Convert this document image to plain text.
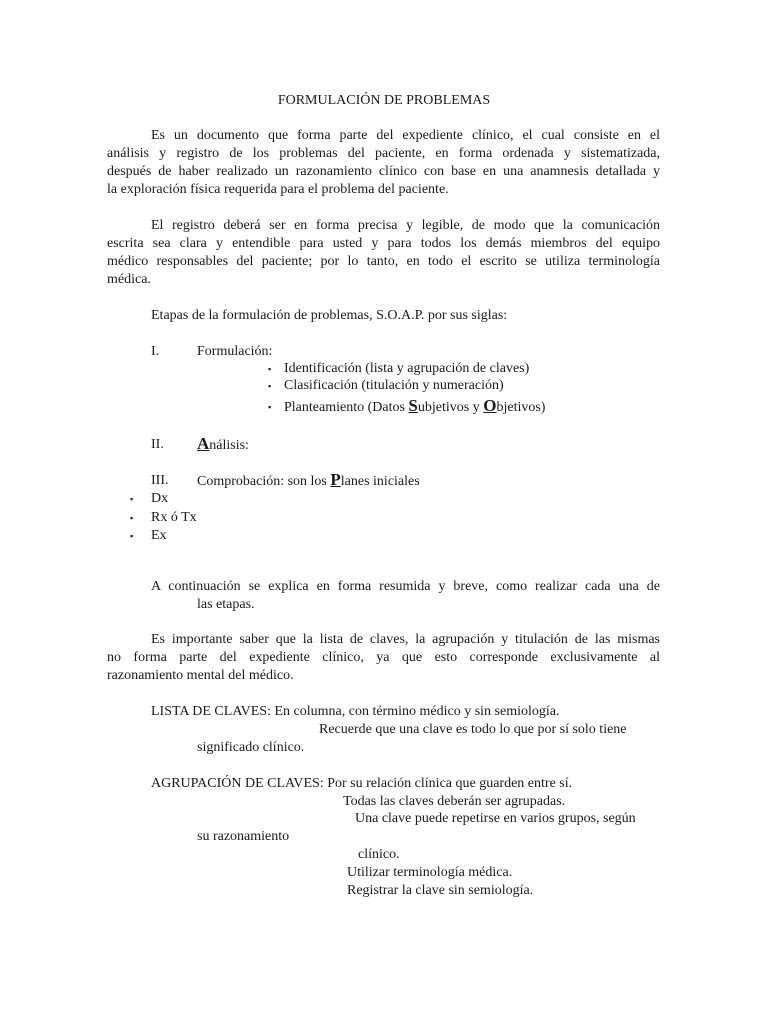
FORMULACIÓN DE PROBLEMAS
Es un documento que forma parte del expediente clínico, el cual consiste en el
análisis y registro de los problemas del paciente, en forma ordenada y sistematizada,
después de haber realizado un razonamiento clínico con base en una anamnesis detallada y
la exploración física requerida para el problema del paciente.
El registro deberá ser en forma precisa y legible, de modo que la comunicación
escrita sea clara y entendible para usted y para todos los demás miembros del equipo
médico responsables del paciente; por lo tanto, en todo el escrito se utiliza terminología
médica.
Etapas de la formulación de problemas, S.O.A.P. por sus siglas:
I.	Formulación:
▪ Identificación (lista y agrupación de claves)
▪ Clasificación (titulación y numeración)
▪ Planteamiento (Datos Subjetivos y Objetivos)
II. Análisis:
III. Comprobación: son los Planes iniciales
▪ Dx
▪ Rx ó Tx
▪ Ex
A continuación se explica en forma resumida y breve, como realizar cada una de
las etapas.
Es importante saber que la lista de claves, la agrupación y titulación de las mismas
no forma parte del expediente clínico, ya que esto corresponde exclusivamente al
razonamiento mental del médico.
LISTA DE CLAVES: En columna, con término médico y sin semiología.
Recuerde que una clave es todo lo que por sí solo tiene
significado clínico.
AGRUPACIÓN DE CLAVES: Por su relación clínica que guarden entre sí.
Todas las claves deberán ser agrupadas.
Una clave puede repetirse en varios grupos, según
su razonamiento
clínico.
Utilizar terminología médica.
Registrar la clave sin semiología.
